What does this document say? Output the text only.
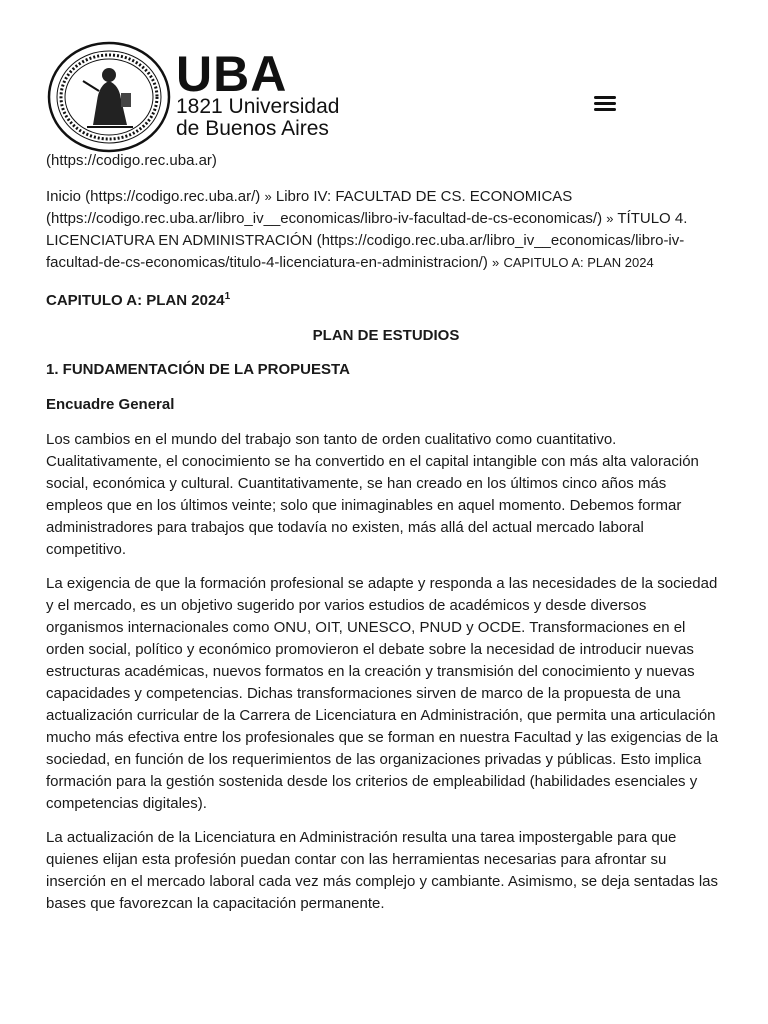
UBA
1821 Universidad
de Buenos Aires
(https://codigo.rec.uba.ar)
Inicio (https://codigo.rec.uba.ar/) » Libro IV: FACULTAD DE CS. ECONOMICAS (https://codigo.rec.uba.ar/libro_iv__economicas/libro-iv-facultad-de-cs-economicas/) » TÍTULO 4. LICENCIATURA EN ADMINISTRACIÓN (https://codigo.rec.uba.ar/libro_iv__economicas/libro-iv-facultad-de-cs-economicas/titulo-4-licenciatura-en-administracion/) » CAPITULO A: PLAN 2024
CAPITULO A: PLAN 2024$^1$
PLAN DE ESTUDIOS
1. FUNDAMENTACIÓN DE LA PROPUESTA
Encuadre General

Los cambios en el mundo del trabajo son tanto de orden cualitativo como cuantitativo. Cualitativamente, el conocimiento se ha convertido en el capital intangible con más alta valoración social, económica y cultural. Cuantitativamente, se han creado en los últimos cinco años más empleos que en los últimos veinte; solo que inimaginables en aquel momento. Debemos formar administradores para trabajos que todavía no existen, más allá del actual mercado laboral competitivo.

La exigencia de que la formación profesional se adapte y responda a las necesidades de la sociedad y el mercado, es un objetivo sugerido por varios estudios de académicos y desde diversos organismos internacionales como ONU, OIT, UNESCO, PNUD y OCDE. Transformaciones en el orden social, político y económico promovieron el debate sobre la necesidad de introducir nuevas estructuras académicas, nuevos formatos en la creación y transmisión del conocimiento y nuevas capacidades y competencias. Dichas transformaciones sirven de marco de la propuesta de una actualización curricular de la Carrera de Licenciatura en Administración, que permita una articulación mucho más efectiva entre los profesionales que se forman en nuestra Facultad y las exigencias de la sociedad, en función de los requerimientos de las organizaciones privadas y públicas. Esto implica formación para la gestión sostenida desde los criterios de empleabilidad (habilidades esenciales y competencias digitales).

La actualización de la Licenciatura en Administración resulta una tarea impostergable para que quienes elijan esta profesión puedan contar con las herramientas necesarias para afrontar su inserción en el mercado laboral cada vez más complejo y cambiante. Asimismo, se deja sentadas las bases que favorezcan la capacitación permanente.
